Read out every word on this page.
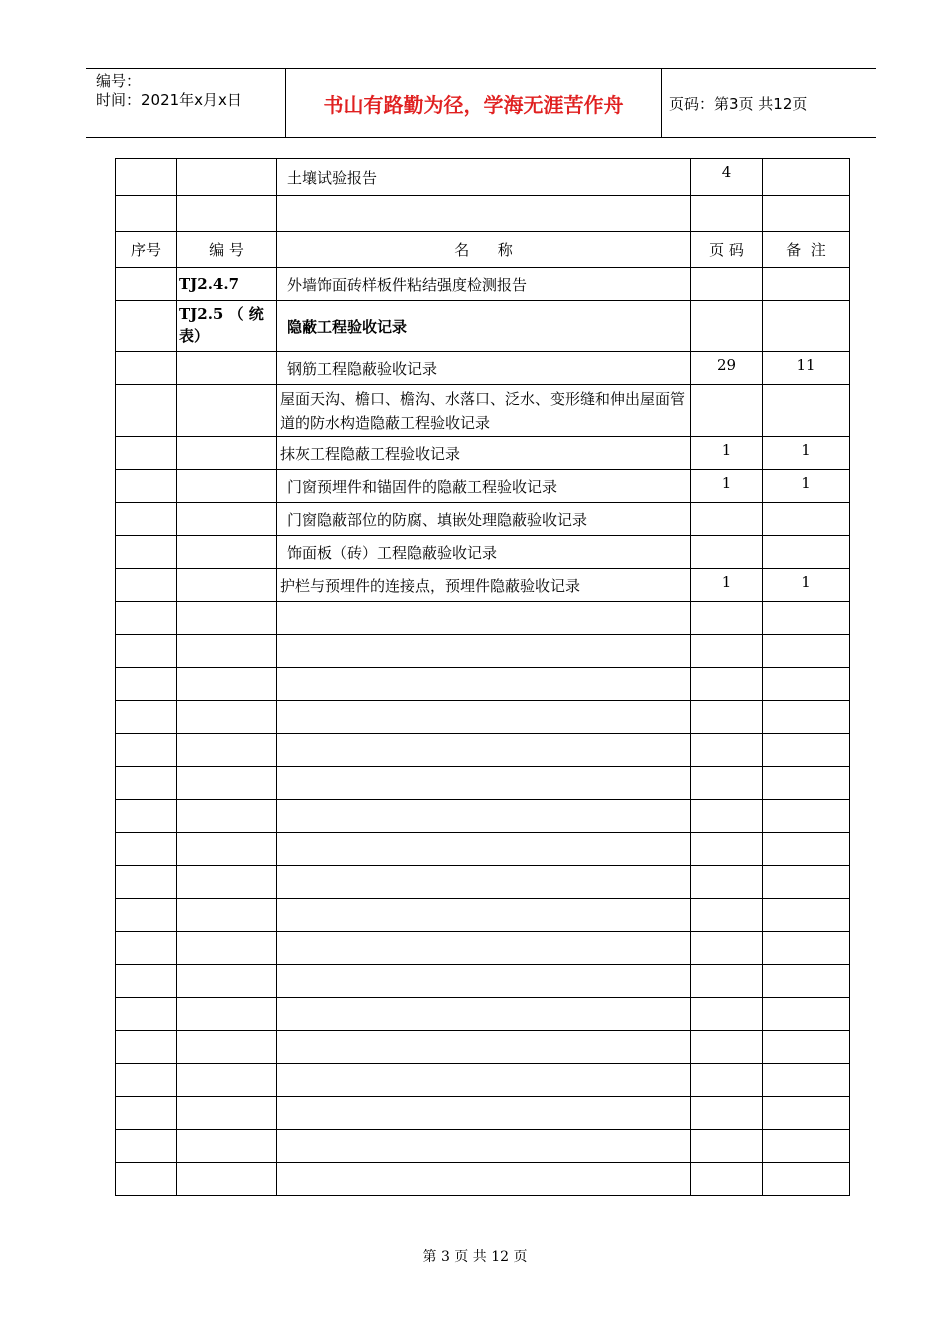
编号：
时间：2021年x月x日	书山有路勤为径，学海无涯苦作舟	页码：第3页 共12页
		土壤试验报告	4	

序号	编 号	名      称	页 码	备  注
	TJ2.4.7	外墙饰面砖样板件粘结强度检测报告		
	TJ2.5 （ 统表）	隐蔽工程验收记录		
		钢筋工程隐蔽验收记录	29	11
		屋面天沟、檐口、檐沟、水落口、泛水、变形缝和伸出屋面管道的防水构造隐蔽工程验收记录		
		抹灰工程隐蔽工程验收记录	1	1
		门窗预埋件和锚固件的隐蔽工程验收记录	1	1
		门窗隐蔽部位的防腐、填嵌处理隐蔽验收记录		
		饰面板（砖）工程隐蔽验收记录		
		护栏与预埋件的连接点，预埋件隐蔽验收记录	1	1

第 3 页 共 12 页
